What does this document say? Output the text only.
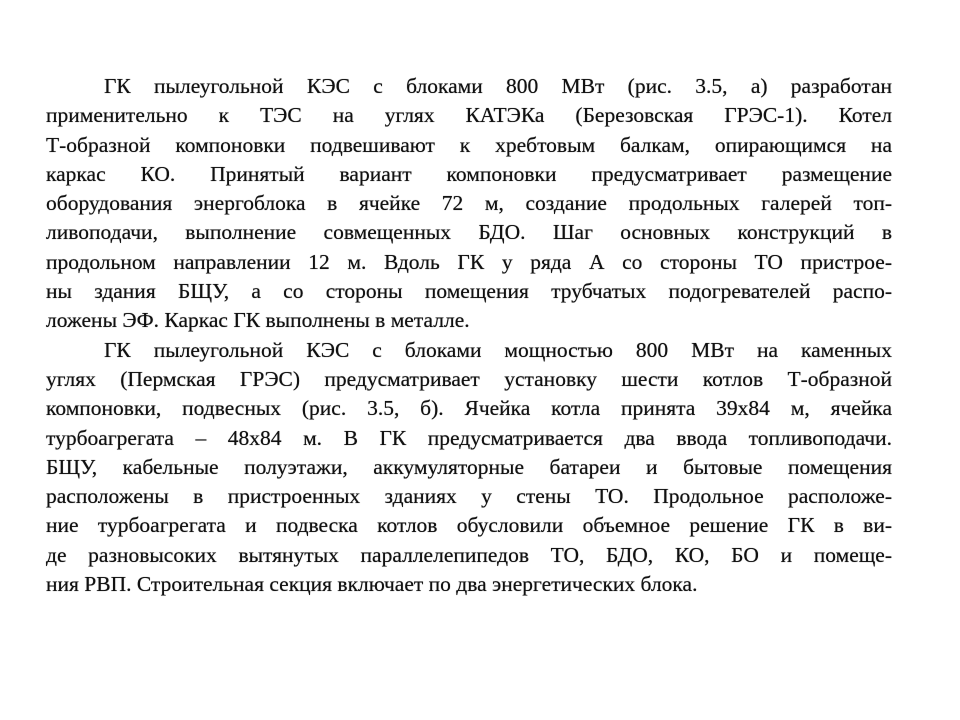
ГК пылеугольной КЭС с блоками 800 МВт (рис. 3.5, а) разработан
применительно к ТЭС на углях КАТЭКа (Березовская ГРЭС-1). Котел
Т-образной компоновки подвешивают к хребтовым балкам, опирающимся на
каркас КО. Принятый вариант компоновки предусматривает размещение
оборудования энергоблока в ячейке 72 м, создание продольных галерей топ-
ливоподачи, выполнение совмещенных БДО. Шаг основных конструкций в
продольном направлении 12 м. Вдоль ГК у ряда А со стороны ТО пристрое-
ны здания БЩУ, а со стороны помещения трубчатых подогревателей распо-
ложены ЭФ. Каркас ГК выполнены в металле.
ГК пылеугольной КЭС с блоками мощностью 800 МВт на каменных
углях (Пермская ГРЭС) предусматривает установку шести котлов Т-образной
компоновки, подвесных (рис. 3.5, б). Ячейка котла принята 39х84 м, ячейка
турбоагрегата – 48х84 м. В ГК предусматривается два ввода топливоподачи.
БЩУ, кабельные полуэтажи, аккумуляторные батареи и бытовые помещения
расположены в пристроенных зданиях у стены ТО. Продольное расположе-
ние турбоагрегата и подвеска котлов обусловили объемное решение ГК в ви-
де разновысоких вытянутых параллелепипедов ТО, БДО, КО, БО и помеще-
ния РВП. Строительная секция включает по два энергетических блока.
